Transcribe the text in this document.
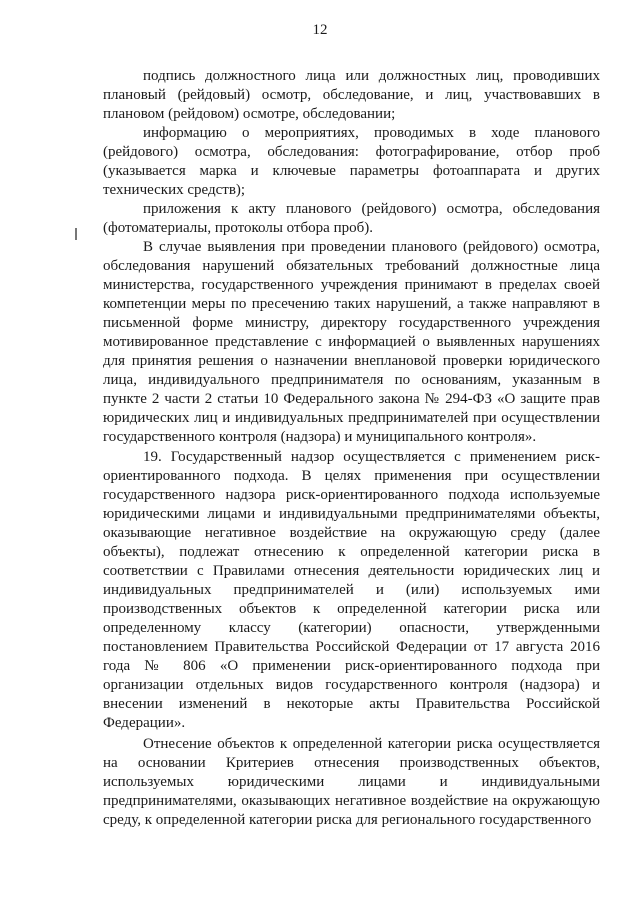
12

подпись должностного лица или должностных лиц, проводивших плановый (рейдовый) осмотр, обследование, и лиц, участвовавших в плановом (рейдовом) осмотре, обследовании;

информацию о мероприятиях, проводимых в ходе планового (рейдового) осмотра, обследования: фотографирование, отбор проб (указывается марка и ключевые параметры фотоаппарата и других технических средств);

приложения к акту планового (рейдового) осмотра, обследования (фотоматериалы, протоколы отбора проб).

В случае выявления при проведении планового (рейдового) осмотра, обследования нарушений обязательных требований должностные лица министерства, государственного учреждения принимают в пределах своей компетенции меры по пресечению таких нарушений, а также направляют в письменной форме министру, директору государственного учреждения мотивированное представление с информацией о выявленных нарушениях для принятия решения о назначении внеплановой проверки юридического лица, индивидуального предпринимателя по основаниям, указанным в пункте 2 части 2 статьи 10 Федерального закона № 294-ФЗ «О защите прав юридических лиц и индивидуальных предпринимателей при осуществлении государственного контроля (надзора) и муниципального контроля».

19. Государственный надзор осуществляется с применением риск-ориентированного подхода. В целях применения при осуществлении государственного надзора риск-ориентированного подхода используемые юридическими лицами и индивидуальными предпринимателями объекты, оказывающие негативное воздействие на окружающую среду (далее объекты), подлежат отнесению к определенной категории риска в соответствии с Правилами отнесения деятельности юридических лиц и индивидуальных предпринимателей и (или) используемых ими производственных объектов к определенной категории риска или определенному классу (категории) опасности, утвержденными постановлением Правительства Российской Федерации от 17 августа 2016 года № 806 «О применении риск-ориентированного подхода при организации отдельных видов государственного контроля (надзора) и внесении изменений в некоторые акты Правительства Российской Федерации».

Отнесение объектов к определенной категории риска осуществляется на основании Критериев отнесения производственных объектов, используемых юридическими лицами и индивидуальными предпринимателями, оказывающих негативное воздействие на окружающую среду, к определенной категории риска для регионального государственного
